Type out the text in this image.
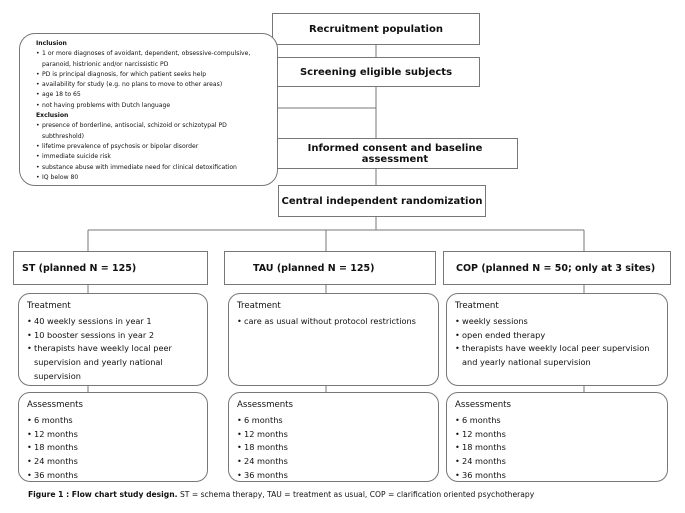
Recruitment population
Screening eligible subjects
Informed consent and baseline assessment
Central independent randomization
Inclusion
• 1 or more diagnoses of avoidant, dependent, obsessive-compulsive, paranoid, histrionic and/or narcissistic PD
• PD is principal diagnosis, for which patient seeks help
• availability for study (e.g. no plans to move to other areas)
• age 18 to 65
• not having problems with Dutch language
Exclusion
• presence of borderline, antisocial, schizoid or schizotypal PD subthreshold)
• lifetime prevalence of psychosis or bipolar disorder
• immediate suicide risk
• substance abuse with immediate need for clinical detoxification
• IQ below 80
ST (planned N = 125)
Treatment
• 40 weekly sessions in year 1
• 10 booster sessions in year 2
• therapists have weekly local peer supervision and yearly national supervision
Assessments
• 6 months
• 12 months
• 18 months
• 24 months
• 36 months
TAU (planned N = 125)
Treatment
• care as usual without protocol restrictions
Assessments
• 6 months
• 12 months
• 18 months
• 24 months
• 36 months
COP (planned N = 50; only at 3 sites)
Treatment
• weekly sessions
• open ended therapy
• therapists have weekly local peer supervision and yearly national supervision
Assessments
• 6 months
• 12 months
• 18 months
• 24 months
• 36 months
Figure 1 : Flow chart study design. ST = schema therapy, TAU = treatment as usual, COP = clarification oriented psychotherapy
